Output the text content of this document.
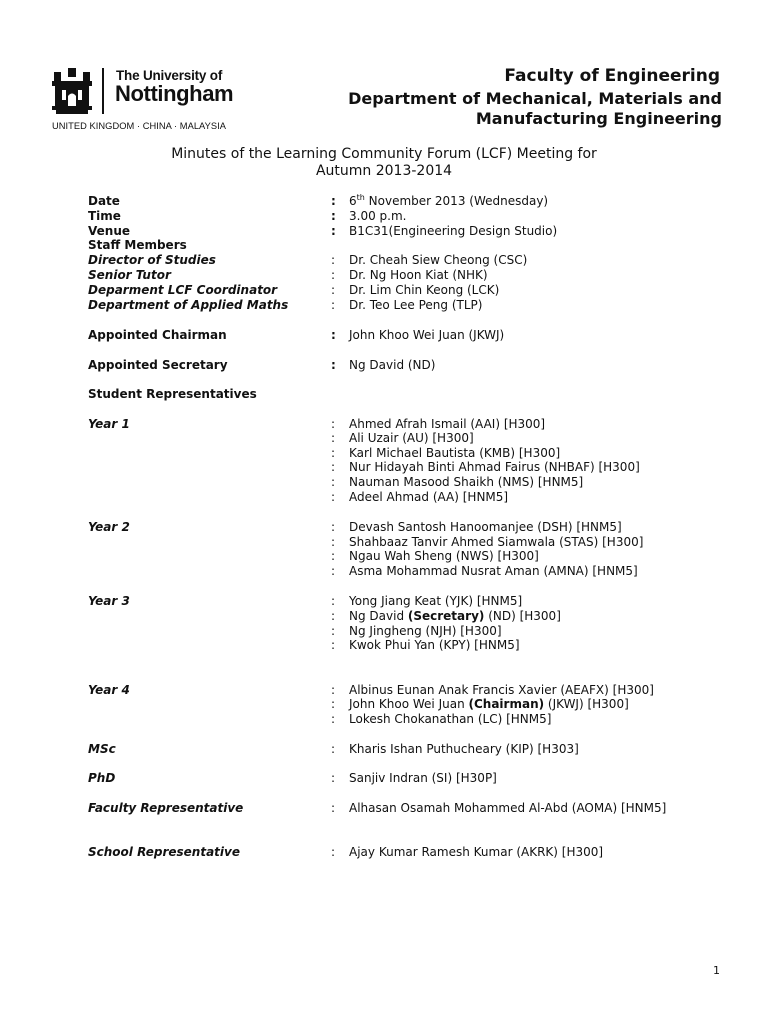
The University of
Nottingham
UNITED KINGDOM · CHINA · MALAYSIA
Faculty of Engineering
Department of Mechanical, Materials and
Manufacturing Engineering
Minutes of the Learning Community Forum (LCF) Meeting for
Autumn 2013-2014
Date	: 6th November 2013 (Wednesday)
Time	: 3.00 p.m.
Venue	: B1C31(Engineering Design Studio)
Staff Members
Director of Studies	: Dr. Cheah Siew Cheong (CSC)
Senior Tutor	: Dr. Ng Hoon Kiat (NHK)
Deparment LCF Coordinator	: Dr. Lim Chin Keong (LCK)
Department of Applied Maths	: Dr. Teo Lee Peng (TLP)
Appointed Chairman	: John Khoo Wei Juan (JKWJ)
Appointed Secretary	: Ng David (ND)
Student Representatives
Year 1	: Ahmed Afrah Ismail (AAI) [H300]
: Ali Uzair (AU) [H300]
: Karl Michael Bautista (KMB) [H300]
: Nur Hidayah Binti Ahmad Fairus (NHBAF) [H300]
: Nauman Masood Shaikh (NMS) [HNM5]
: Adeel Ahmad (AA) [HNM5]
Year 2	: Devash Santosh Hanoomanjee (DSH) [HNM5]
: Shahbaaz Tanvir Ahmed Siamwala (STAS) [H300]
: Ngau Wah Sheng (NWS) [H300]
: Asma Mohammad Nusrat Aman (AMNA) [HNM5]
Year 3	: Yong Jiang Keat (YJK) [HNM5]
: Ng David (Secretary) (ND) [H300]
: Ng Jingheng (NJH) [H300]
: Kwok Phui Yan (KPY) [HNM5]
Year 4	: Albinus Eunan Anak Francis Xavier (AEAFX) [H300]
: John Khoo Wei Juan (Chairman) (JKWJ) [H300]
: Lokesh Chokanathan (LC) [HNM5]
MSc	: Kharis Ishan Puthucheary (KIP) [H303]
PhD	: Sanjiv Indran (SI) [H30P]
Faculty Representative	: Alhasan Osamah Mohammed Al-Abd (AOMA) [HNM5]
School Representative	: Ajay Kumar Ramesh Kumar (AKRK) [H300]
1
